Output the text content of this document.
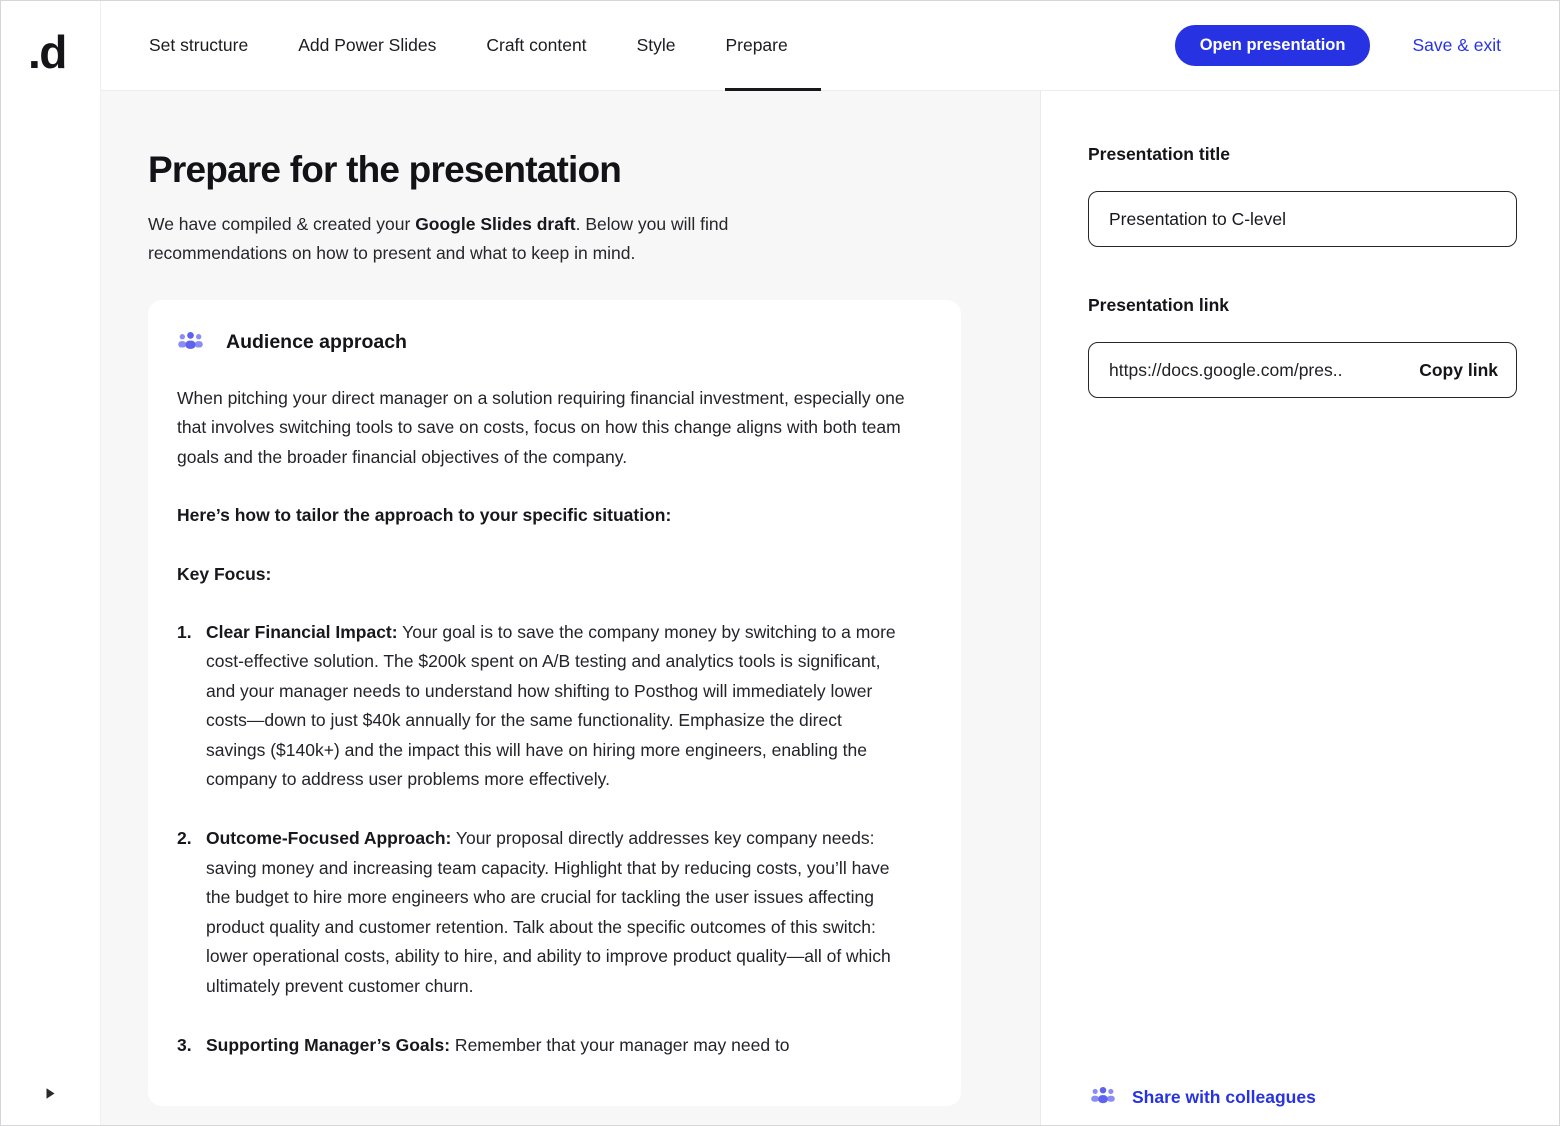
.d	Set structure	Add Power Slides	Craft content	Style	Prepare	Open presentation	Save & exit
Prepare for the presentation

We have compiled & created your Google Slides draft. Below you will find recommendations on how to present and what to keep in mind.

Audience approach

When pitching your direct manager on a solution requiring financial investment, especially one that involves switching tools to save on costs, focus on how this change aligns with both team goals and the broader financial objectives of the company.

Here’s how to tailor the approach to your specific situation:

Key Focus:

1. Clear Financial Impact: Your goal is to save the company money by switching to a more cost-effective solution. The $200k spent on A/B testing and analytics tools is significant, and your manager needs to understand how shifting to Posthog will immediately lower costs—down to just $40k annually for the same functionality. Emphasize the direct savings ($140k+) and the impact this will have on hiring more engineers, enabling the company to address user problems more effectively.
2. Outcome-Focused Approach: Your proposal directly addresses key company needs: saving money and increasing team capacity. Highlight that by reducing costs, you’ll have the budget to hire more engineers who are crucial for tackling the user issues affecting product quality and customer retention. Talk about the specific outcomes of this switch: lower operational costs, ability to hire, and ability to improve product quality—all of which ultimately prevent customer churn.
3. Supporting Manager’s Goals: Remember that your manager may need to
Presentation title
Presentation to C-level
Presentation link
https://docs.google.com/pres..	Copy link
Share with colleagues
